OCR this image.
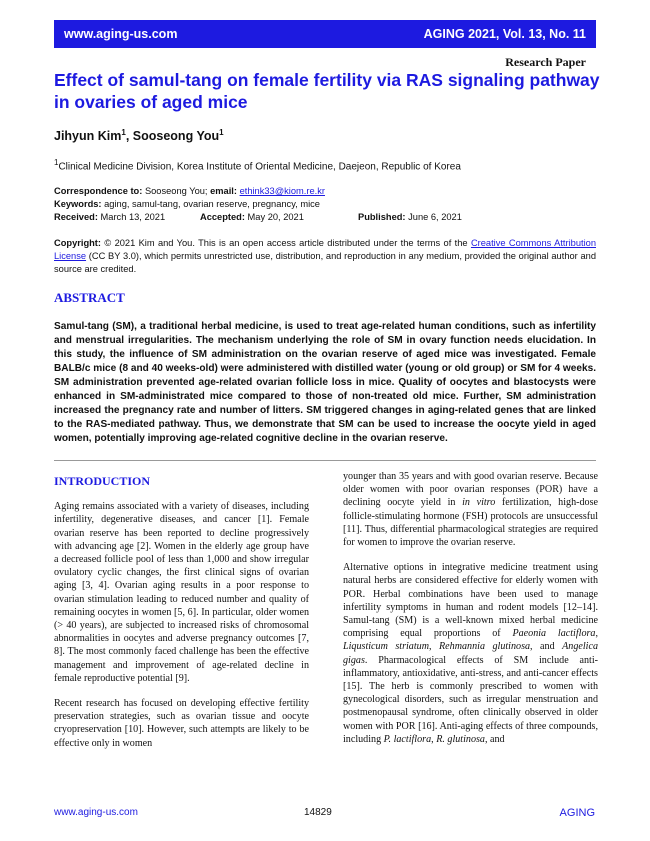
www.aging-us.com	AGING 2021, Vol. 13, No. 11
Research Paper
Effect of samul-tang on female fertility via RAS signaling pathway in ovaries of aged mice
Jihyun Kim$^1$, Sooseong You$^1$
$^1$Clinical Medicine Division, Korea Institute of Oriental Medicine, Daejeon, Republic of Korea
Correspondence to: Sooseong You; email: ethink33@kiom.re.kr
Keywords: aging, samul-tang, ovarian reserve, pregnancy, mice
Received: March 13, 2021	Accepted: May 20, 2021	Published: June 6, 2021

Copyright: © 2021 Kim and You. This is an open access article distributed under the terms of the Creative Commons Attribution License (CC BY 3.0), which permits unrestricted use, distribution, and reproduction in any medium, provided the original author and source are credited.

ABSTRACT

Samul-tang (SM), a traditional herbal medicine, is used to treat age-related human conditions, such as infertility and menstrual irregularities. The mechanism underlying the role of SM in ovary function needs elucidation. In this study, the influence of SM administration on the ovarian reserve of aged mice was investigated. Female BALB/c mice (8 and 40 weeks-old) were administered with distilled water (young or old group) or SM for 4 weeks. SM administration prevented age-related ovarian follicle loss in mice. Quality of oocytes and blastocysts were enhanced in SM-administrated mice compared to those of non-treated old mice. Further, SM administration increased the pregnancy rate and number of litters. SM triggered changes in aging-related genes that are linked to the RAS-mediated pathway. Thus, we demonstrate that SM can be used to increase the oocyte yield in aged women, potentially improving age-related cognitive decline in the ovarian reserve.

INTRODUCTION

Aging remains associated with a variety of diseases, including infertility, degenerative diseases, and cancer [1]. Female ovarian reserve has been reported to decline progressively with advancing age [2]. Women in the elderly age group have a decreased follicle pool of less than 1,000 and show irregular ovulatory cyclic changes, the first clinical signs of ovarian aging [3, 4]. Ovarian aging results in a poor response to ovarian stimulation leading to reduced number and quality of remaining oocytes in women [5, 6]. In particular, older women (> 40 years), are subjected to increased risks of chromosomal abnormalities in oocytes and adverse pregnancy outcomes [7, 8]. The most commonly faced challenge has been the effective management and improvement of age-related decline in female reproductive potential [9].

Recent research has focused on developing effective fertility preservation strategies, such as ovarian tissue and oocyte cryopreservation [10]. However, such attempts are likely to be effective only in women

younger than 35 years and with good ovarian reserve. Because older women with poor ovarian responses (POR) have a declining oocyte yield in in vitro fertilization, high-dose follicle-stimulating hormone (FSH) protocols are unsuccessful [11]. Thus, differential pharmacological strategies are required for women to improve the ovarian reserve.

Alternative options in integrative medicine treatment using natural herbs are considered effective for elderly women with POR. Herbal combinations have been used to manage infertility symptoms in human and rodent models [12–14]. Samul-tang (SM) is a well-known mixed herbal medicine comprising equal proportions of Paeonia lactiflora, Liqusticum striatum, Rehmannia glutinosa, and Angelica gigas. Pharmacological effects of SM include anti-inflammatory, antioxidative, anti-stress, and anti-cancer effects [15]. The herb is commonly prescribed to women with gynecological disorders, such as irregular menstruation and postmenopausal syndrome, often clinically observed in older women with POR [16]. Anti-aging effects of three compounds, including P. lactiflora, R. glutinosa, and

www.aging-us.com	14829	AGING
